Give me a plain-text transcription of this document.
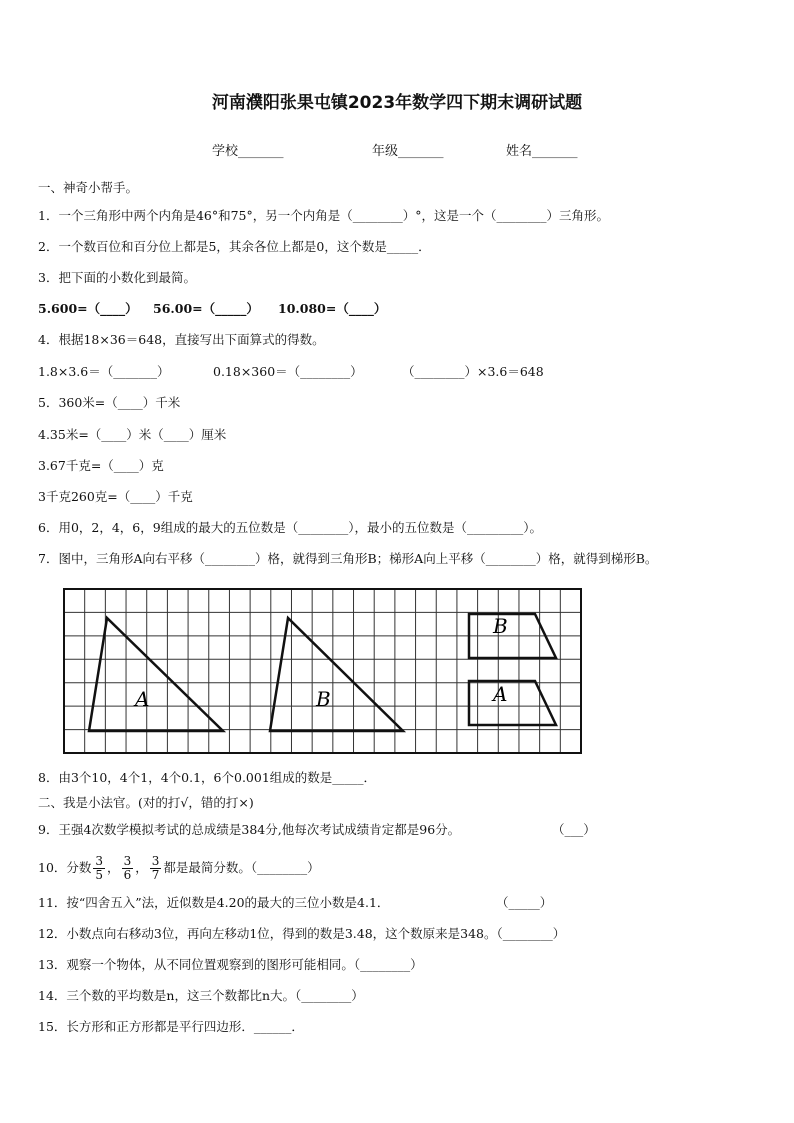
河南濮阳张果屯镇2023年数学四下期末调研试题
学校_______	年级_______	姓名_______
一、神奇小帮手。
1．一个三角形中两个内角是46°和75°，另一个内角是（________）°，这是一个（________）三角形。
2．一个数百位和百分位上都是5，其余各位上都是0，这个数是_____．
3．把下面的小数化到最简。
5.600=（____） 56.00=（_____） 10.080=（____）
4．根据18×36＝648，直接写出下面算式的得数。
1.8×3.6＝（_______）	0.18×360＝（________）	（________）×3.6＝648
5．360米=（____）千米
4.35米=（____）米（____）厘米
3.67千克=（____）克
3千克260克=（____）千克
6．用0，2，4，6，9组成的最大的五位数是（________），最小的五位数是（_________）。
7．图中，三角形A向右平移（________）格，就得到三角形B；梯形A向上平移（________）格，就得到梯形B。
A	B
B
A
8．由3个10，4个1，4个0.1，6个0.001组成的数是_____．
二、我是小法官。(对的打√，错的打×)
9．王强4次数学模拟考试的总成绩是384分,他每次考试成绩肯定都是96分。	（___）
10．分数 $\frac{3}{5}$ ， $\frac{3}{6}$ ， $\frac{3}{7}$ 都是最简分数。（________）
11．按“四舍五入”法，近似数是4.20的最大的三位小数是4.1．	（_____）
12．小数点向右移动3位，再向左移动1位，得到的数是3.48，这个数原来是348。（________）
13．观察一个物体，从不同位置观察到的图形可能相同。（________）
14．三个数的平均数是n，这三个数都比n大。（________）
15．长方形和正方形都是平行四边形．______．
